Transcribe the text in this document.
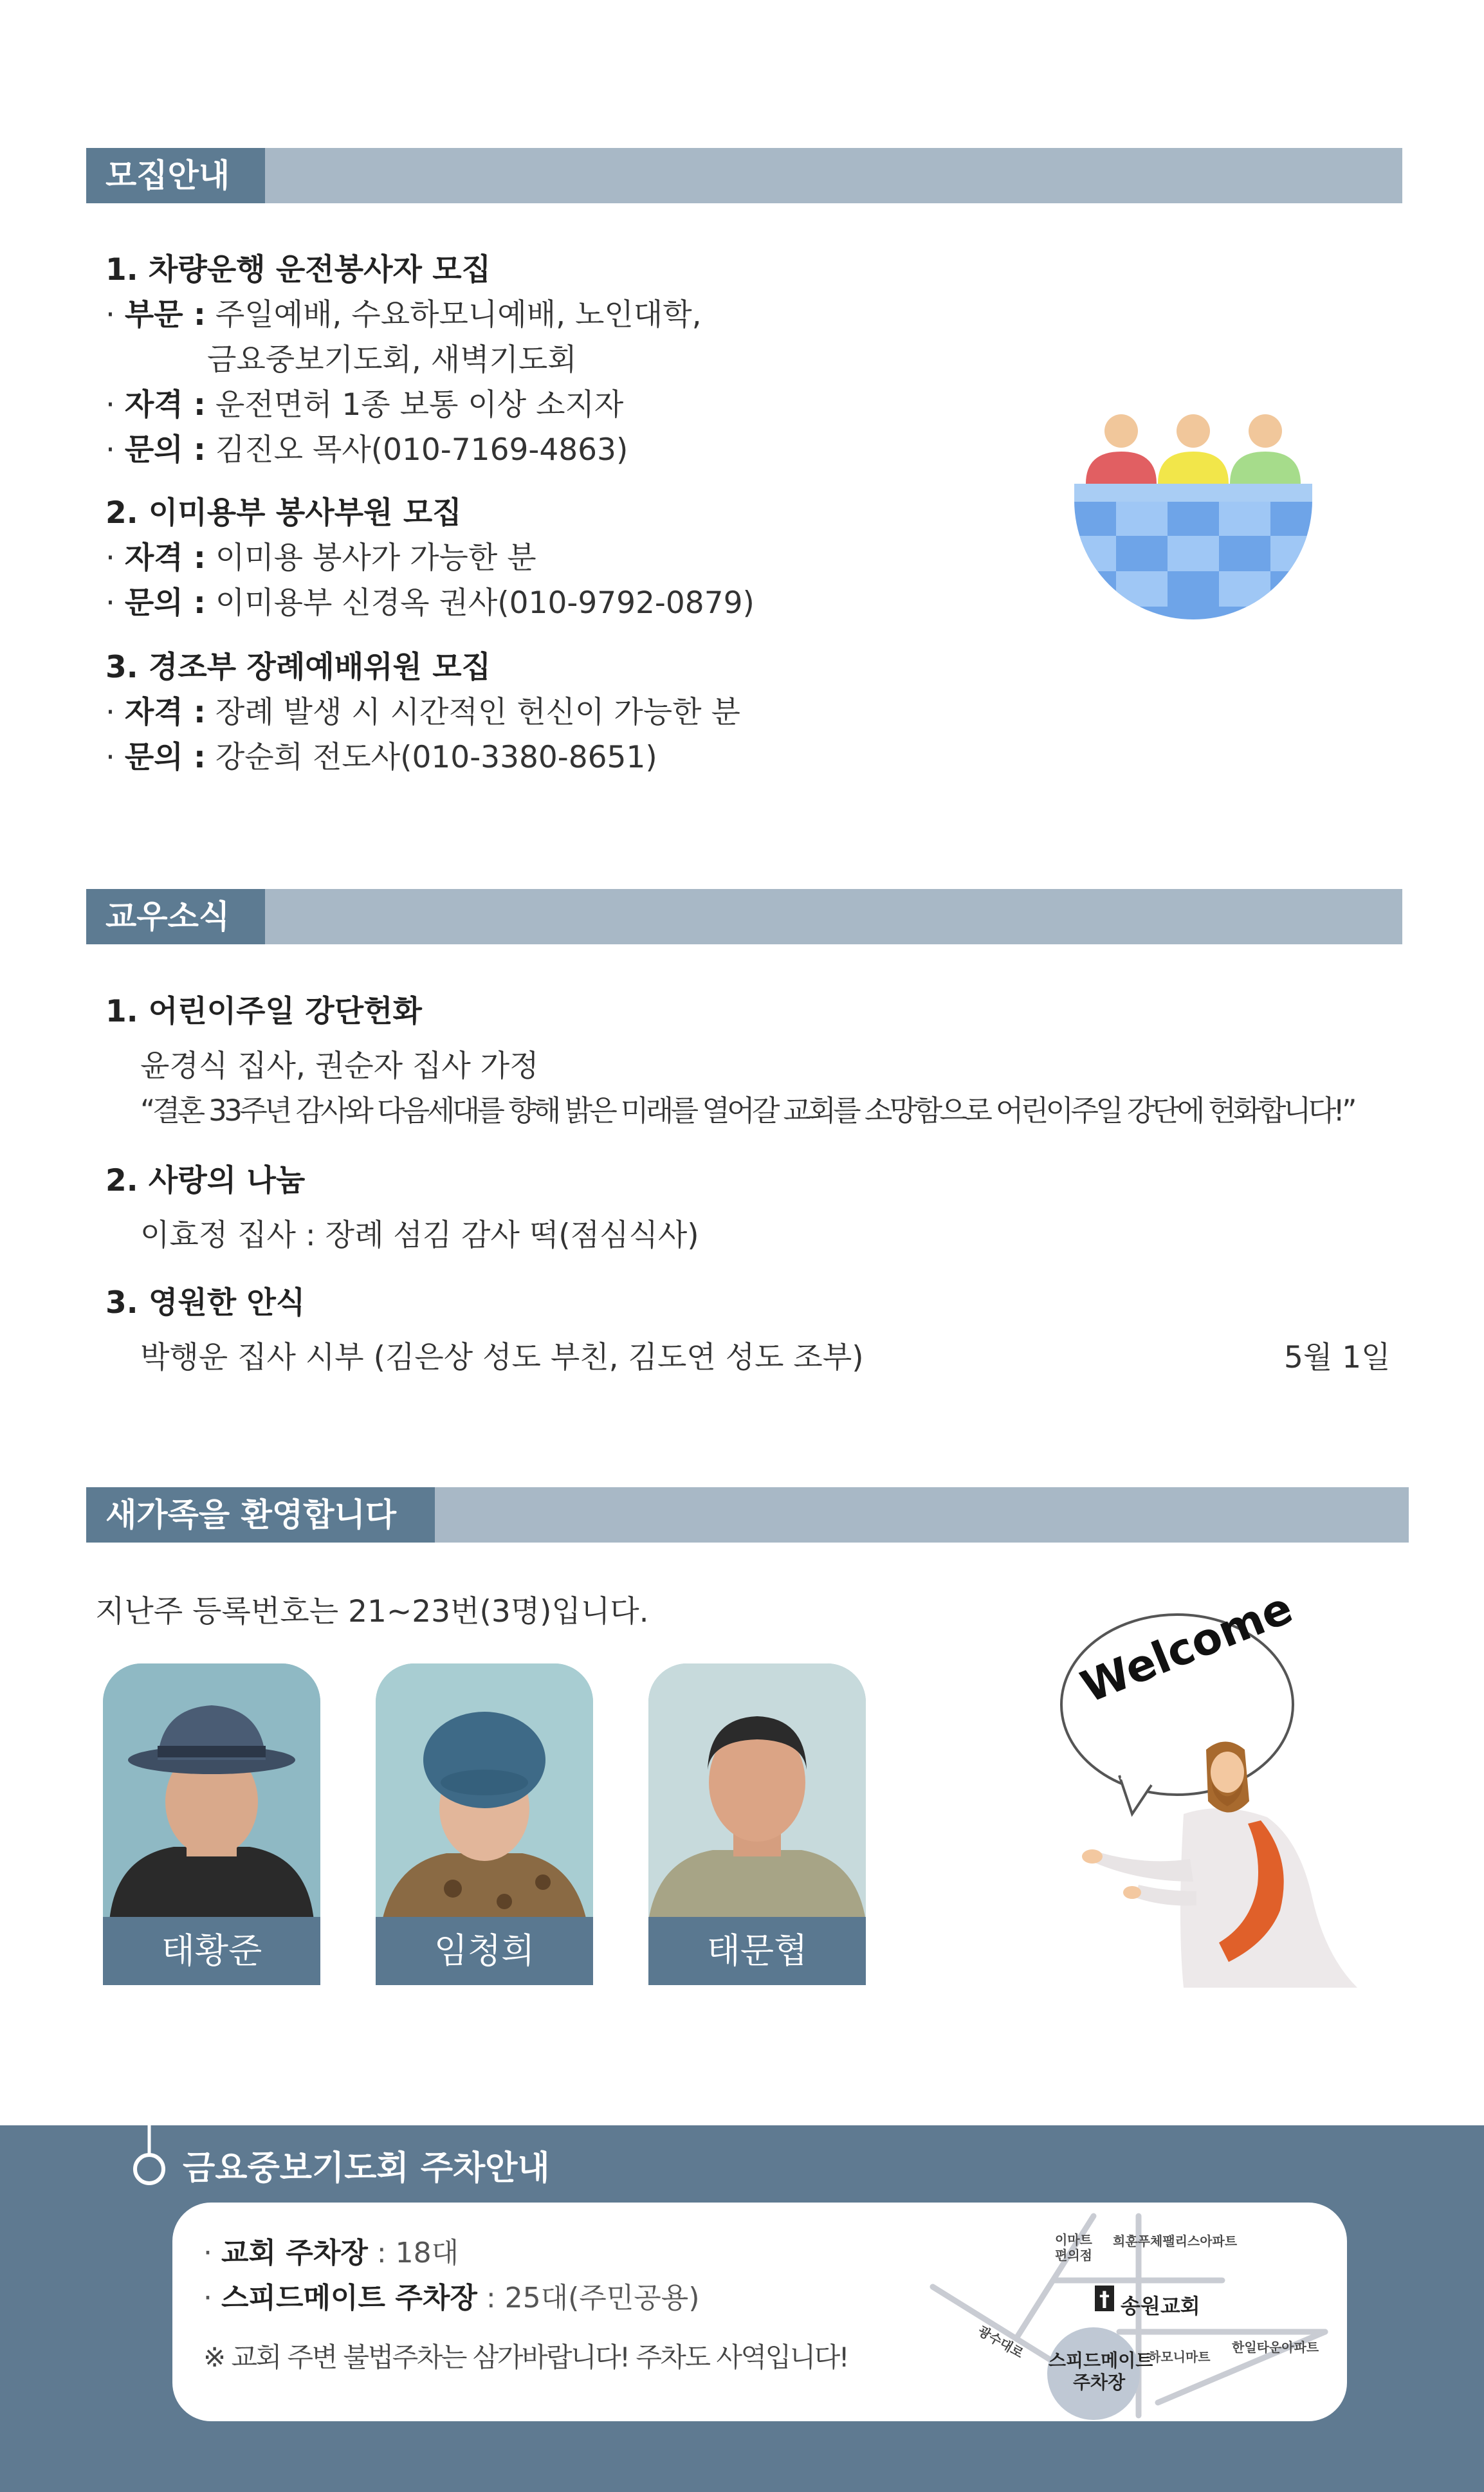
모집안내
1. 차량운행 운전봉사자 모집
· 부문 : 주일예배, 수요하모니예배, 노인대학,
금요중보기도회, 새벽기도회
· 자격 : 운전면허 1종 보통 이상 소지자
· 문의 : 김진오 목사(010-7169-4863)
2. 이미용부 봉사부원 모집
· 자격 : 이미용 봉사가 가능한 분
· 문의 : 이미용부 신경옥 권사(010-9792-0879)
3. 경조부 장례예배위원 모집
· 자격 : 장례 발생 시 시간적인 헌신이 가능한 분
· 문의 : 강순희 전도사(010-3380-8651)
교우소식
1. 어린이주일 강단헌화
윤경식 집사, 권순자 집사 가정
“결혼 33주년 감사와 다음세대를 향해 밝은 미래를 열어갈 교회를 소망함으로 어린이주일 강단에 헌화합니다!”
2. 사랑의 나눔
이효정 집사 : 장례 섬김 감사 떡(점심식사)
3. 영원한 안식
박행운 집사 시부 (김은상 성도 부친, 김도연 성도 조부)	5월 1일
새가족을 환영합니다
지난주 등록번호는 21~23번(3명)입니다.
태황준	임청희	태문협
Welcome
금요중보기도회 주차안내
· 교회 주차장 : 18대
· 스피드메이트 주차장 : 25대(주민공용)
※ 교회 주변 불법주차는 삼가바랍니다! 주차도 사역입니다!
†
이마트
편의점
희훈푸체팰리스아파트
송원교회
광수대로 스피드메이트
주차장
하모니마트
한일타운아파트
